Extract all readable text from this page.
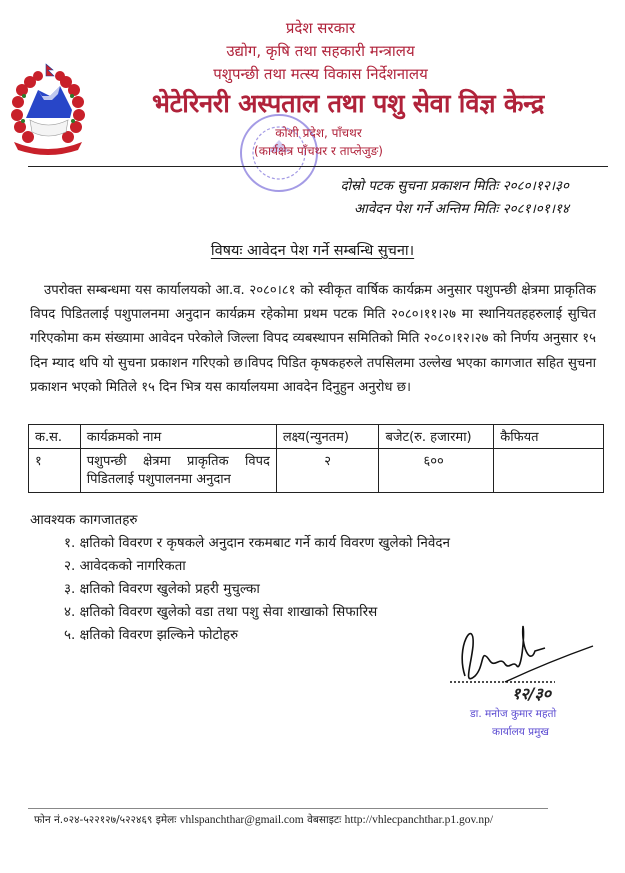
प्रदेश सरकार
उद्योग, कृषि तथा सहकारी मन्त्रालय
पशुपन्छी तथा मत्स्य विकास निर्देशनालय
भेटेरिनरी अस्पताल तथा पशु सेवा विज्ञ केन्द्र
कोशी प्रदेश, पाँचथर
(कार्यक्षेत्र पाँचथर र ताप्लेजुङ)
दोस्रो पटक सुचना प्रकाशन मितिः २०८०।१२।३०
आवेदन पेश गर्ने अन्तिम मितिः २०८१।०१।१४
विषयः आवेदन पेश गर्ने सम्बन्धि सुचना।
उपरोक्त सम्बन्धमा यस कार्यालयको आ.व. २०८०।८१ को स्वीकृत वार्षिक कार्यक्रम अनुसार पशुपन्छी क्षेत्रमा प्राकृतिक विपद पिडितलाई पशुपालनमा अनुदान कार्यक्रम रहेकोमा प्रथम पटक मिति २०८०।११।२७ मा स्थानियतहहरुलाई सुचित गरिएकोमा कम संख्यामा आवेदन परेकोले जिल्ला विपद व्यबस्थापन समितिको मिति २०८०।१२।२७ को निर्णय अनुसार १५ दिन म्याद थपि यो सुचना प्रकाशन गरिएको छ।विपद पिडित कृषकहरुले तपसिलमा उल्लेख भएका कागजात सहित सुचना प्रकाशन भएको मितिले १५ दिन भित्र यस कार्यालयमा आवदेन दिनुहुन अनुरोध छ।
क.स.	कार्यक्रमको नाम	लक्ष्य(न्युनतम)	बजेट(रु. हजारमा)	कैफियत
१	पशुपन्छी क्षेत्रमा प्राकृतिक विपद पिडितलाई पशुपालनमा अनुदान	२	६००	
आवश्यक कागजातहरु
१. क्षतिको विवरण र कृषकले अनुदान रकमबाट गर्ने कार्य विवरण खुलेको निवेदन
२. आवेदकको नागरिकता
३. क्षतिको विवरण खुलेको प्रहरी मुचुल्का
४. क्षतिको विवरण खुलेको वडा तथा पशु सेवा शाखाको सिफारिस
५. क्षतिको विवरण झल्किने फोटोहरु
१२/३०
डा. मनोज कुमार महतो
कार्यालय प्रमुख
फोन नं.०२४-५२२१२७/५२२४६९ इमेलः vhlspanchthar@gmail.com वेबसाइटः http://vhlecpanchthar.p1.gov.np/
